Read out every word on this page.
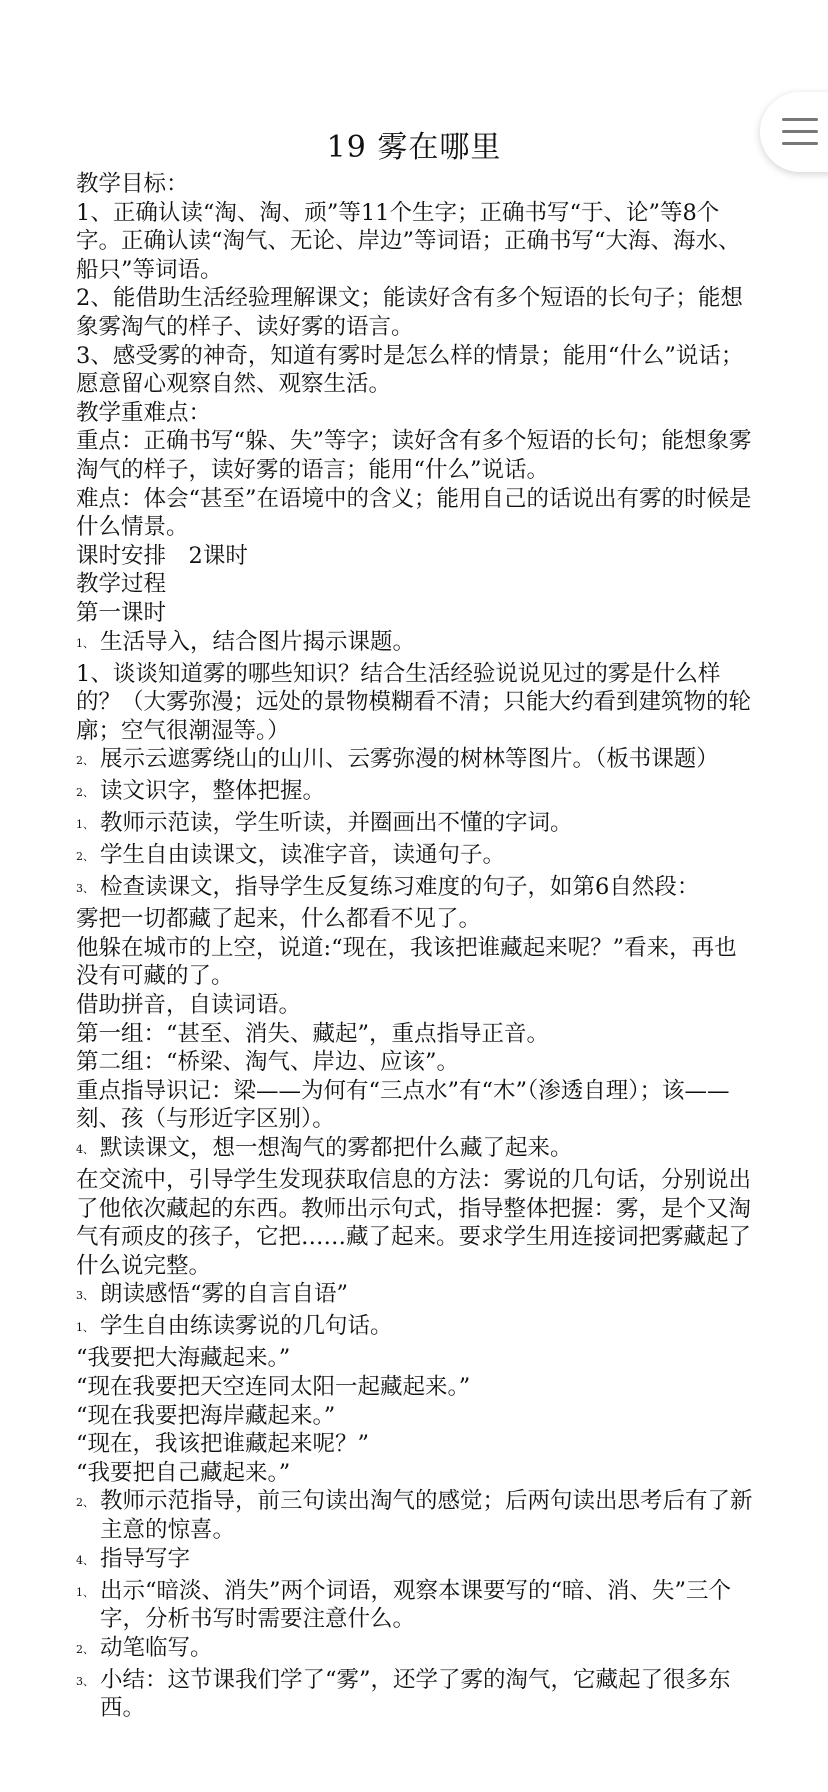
19 雾在哪里
教学目标：
1、正确认读“淘、淘、顽”等11个生字；正确书写“于、论”等8个字。正确认读“淘气、无论、岸边”等词语；正确书写“大海、海水、船只”等词语。
2、能借助生活经验理解课文；能读好含有多个短语的长句子；能想象雾淘气的样子、读好雾的语言。
3、感受雾的神奇，知道有雾时是怎么样的情景；能用“什么”说话；愿意留心观察自然、观察生活。
教学重难点：
重点：正确书写“躲、失”等字；读好含有多个短语的长句；能想象雾淘气的样子，读好雾的语言；能用“什么”说话。
难点：体会“甚至”在语境中的含义；能用自己的话说出有雾的时候是什么情景。
课时安排　2课时
教学过程
第一课时
1、 生活导入，结合图片揭示课题。
1、谈谈知道雾的哪些知识？结合生活经验说说见过的雾是什么样的？（大雾弥漫；远处的景物模糊看不清；只能大约看到建筑物的轮廓；空气很潮湿等。）
2、 展示云遮雾绕山的山川、云雾弥漫的树林等图片。（板书课题）
2、 读文识字，整体把握。
1、 教师示范读，学生听读，并圈画出不懂的字词。
2、 学生自由读课文，读准字音，读通句子。
3、 检查读课文，指导学生反复练习难度的句子，如第6自然段：
雾把一切都藏了起来，什么都看不见了。
他躲在城市的上空，说道:“现在，我该把谁藏起来呢？”看来，再也没有可藏的了。
借助拼音，自读词语。
第一组：“甚至、消失、藏起”，重点指导正音。
第二组：“桥梁、淘气、岸边、应该”。
重点指导识记：梁——为何有“三点水”有“木”（渗透自理）；该——刻、孩（与形近字区别）。
4、 默读课文，想一想淘气的雾都把什么藏了起来。
在交流中，引导学生发现获取信息的方法：雾说的几句话，分别说出了他依次藏起的东西。教师出示句式，指导整体把握：雾，是个又淘气有顽皮的孩子，它把……藏了起来。要求学生用连接词把雾藏起了什么说完整。
3、 朗读感悟“雾的自言自语”
1、 学生自由练读雾说的几句话。
“我要把大海藏起来。”
“现在我要把天空连同太阳一起藏起来。”
“现在我要把海岸藏起来。”
“现在，我该把谁藏起来呢？”
“我要把自己藏起来。”
2、 教师示范指导，前三句读出淘气的感觉；后两句读出思考后有了新主意的惊喜。
4、 指导写字
1、 出示“暗淡、消失”两个词语，观察本课要写的“暗、消、失”三个字，分析书写时需要注意什么。
2、 动笔临写。
3、 小结：这节课我们学了“雾”，还学了雾的淘气，它藏起了很多东西。
